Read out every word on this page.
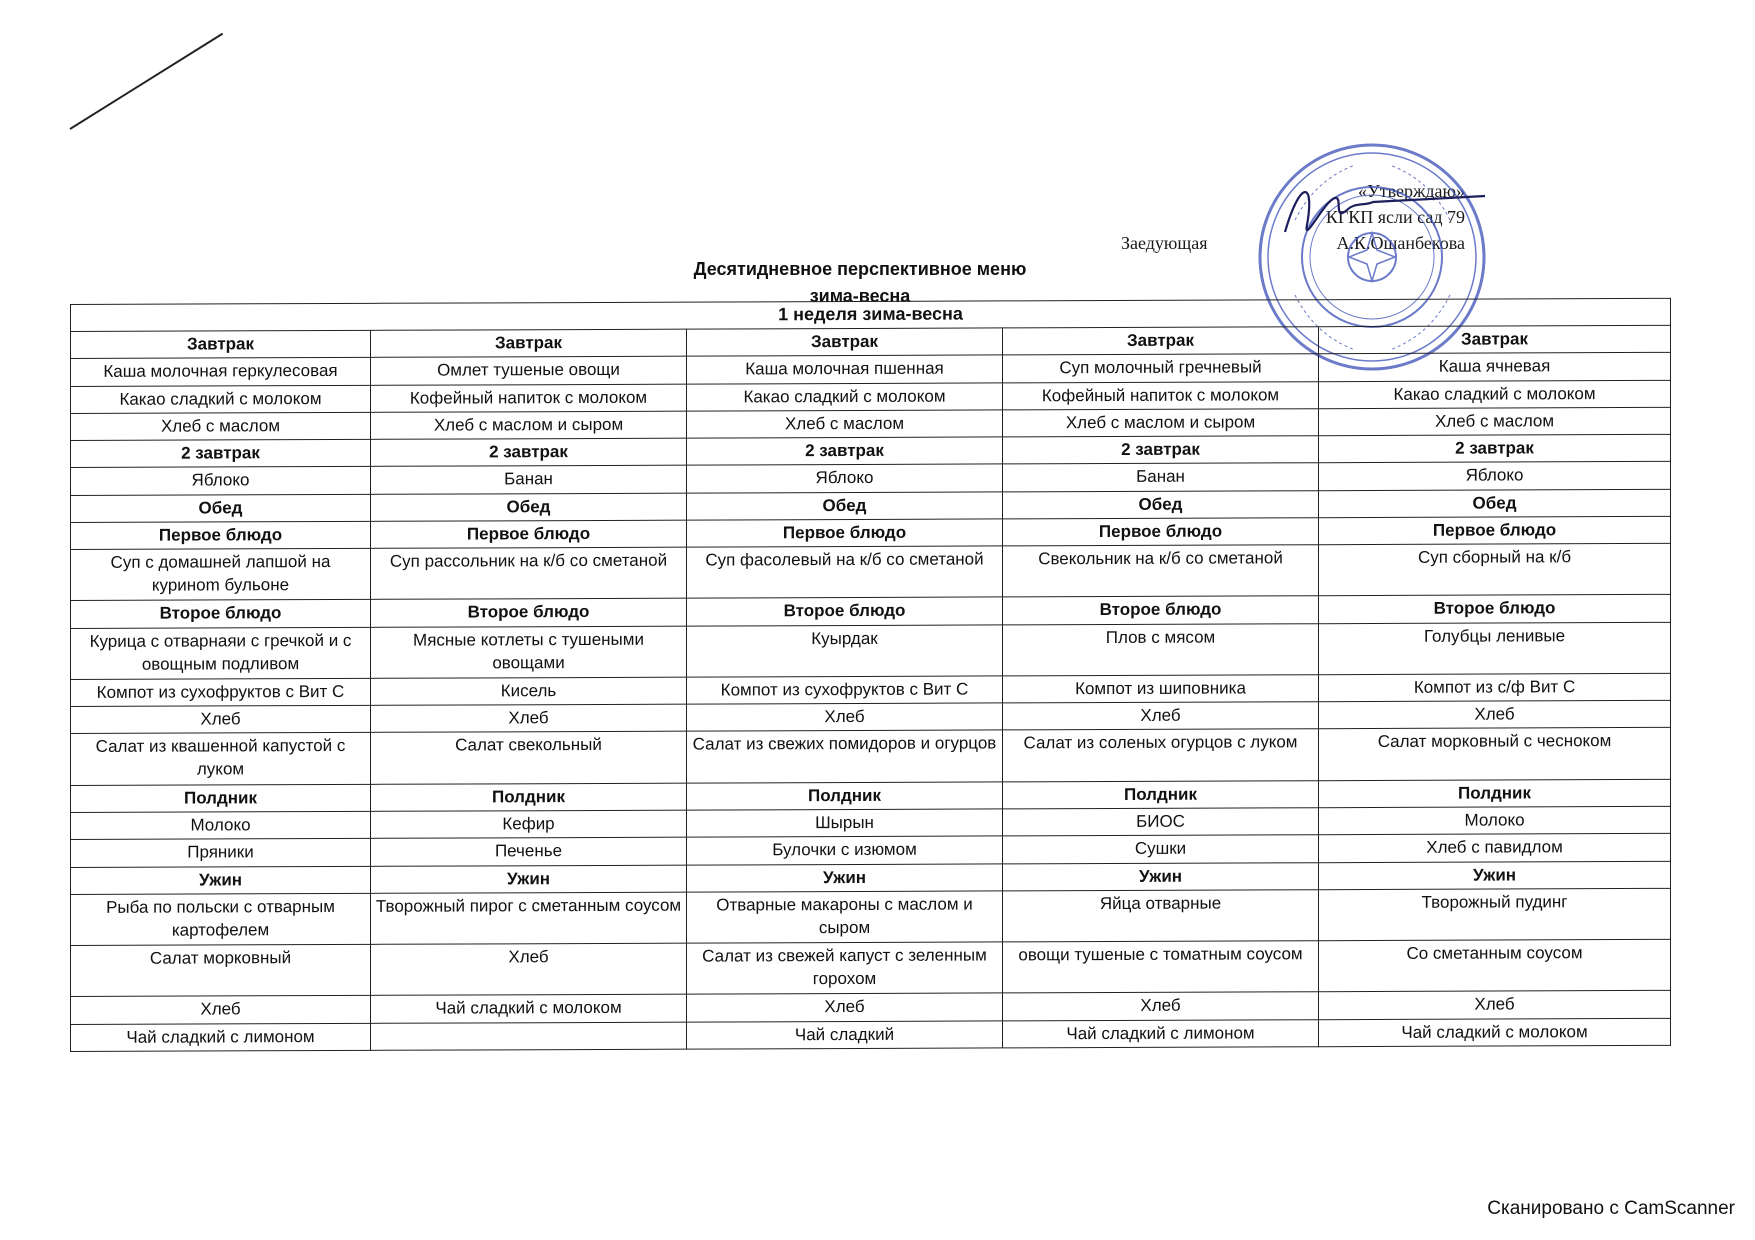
«Утверждаю»
КГКП ясли сад 79
Заедующая	А.К.Ошанбекова
Десятидневное перспективное меню
зима-весна
1 неделя зима-весна				
Завтрак	Завтрак	Завтрак	Завтрак	Завтрак
Каша молочная геркулесовая	Омлет тушеные овощи	Каша молочная пшенная	Суп молочный гречневый	Каша ячневая
Какао сладкий с молоком	Кофейный напиток с молоком	Какао сладкий с молоком	Кофейный напиток с молоком	Какао сладкий с молоком
Хлеб с маслом	Хлеб с маслом и сыром	Хлеб с маслом	Хлеб с маслом и сыром	Хлеб с маслом
2 завтрак	2 завтрак	2 завтрак	2 завтрак	2 завтрак
Яблоко	Банан	Яблоко	Банан	Яблоко
Обед	Обед	Обед	Обед	Обед
Первое блюдо	Первое блюдо	Первое блюдо	Первое блюдо	Первое блюдо
Суп с домашней лапшой на куриноm бульоне	Суп рассольник на к/б со сметаной	Суп фасолевый на к/б со сметаной	Свекольник на к/б со сметаной	Суп сборный на к/б
Второе блюдо	Второе блюдо	Второе блюдо	Второе блюдо	Второе блюдо
Курица с отварнаяи с гречкой и с овощным подливом	Мясные котлеты с тушеными овощами	Куырдак	Плов с мясом	Голубцы ленивые
Компот из сухофруктов с Вит С	Кисель	Компот из сухофруктов с Вит С	Компот из шиповника	Компот из с/ф Вит С
Хлеб	Хлеб	Хлеб	Хлеб	Хлеб
Салат из квашенной капустой с луком	Салат свекольный	Салат из свежих помидоров и огурцов	Салат из соленых огурцов с луком	Салат морковный с чесноком
Полдник	Полдник	Полдник	Полдник	Полдник
Молоко	Кефир	Шырын	БИОС	Молоко
Пряники	Печенье	Булочки с изюмом	Сушки	Хлеб с павидлом
Ужин	Ужин	Ужин	Ужин	Ужин
Рыба по польски с отварным картофелем	Творожный пирог с сметанным соусом	Отварные макароны с маслом и сыром	Яйца отварные	Творожный пудинг
Салат морковный	Хлеб	Салат из свежей капуст с зеленным горохом	овощи тушеные с томатным соусом	Со сметанным соусом
Хлеб	Чай сладкий с молоком	Хлеб	Хлеб	Хлеб
Чай сладкий с лимоном		Чай сладкий	Чай сладкий с лимоном	Чай сладкий с молоком
Сканировано с CamScanner
